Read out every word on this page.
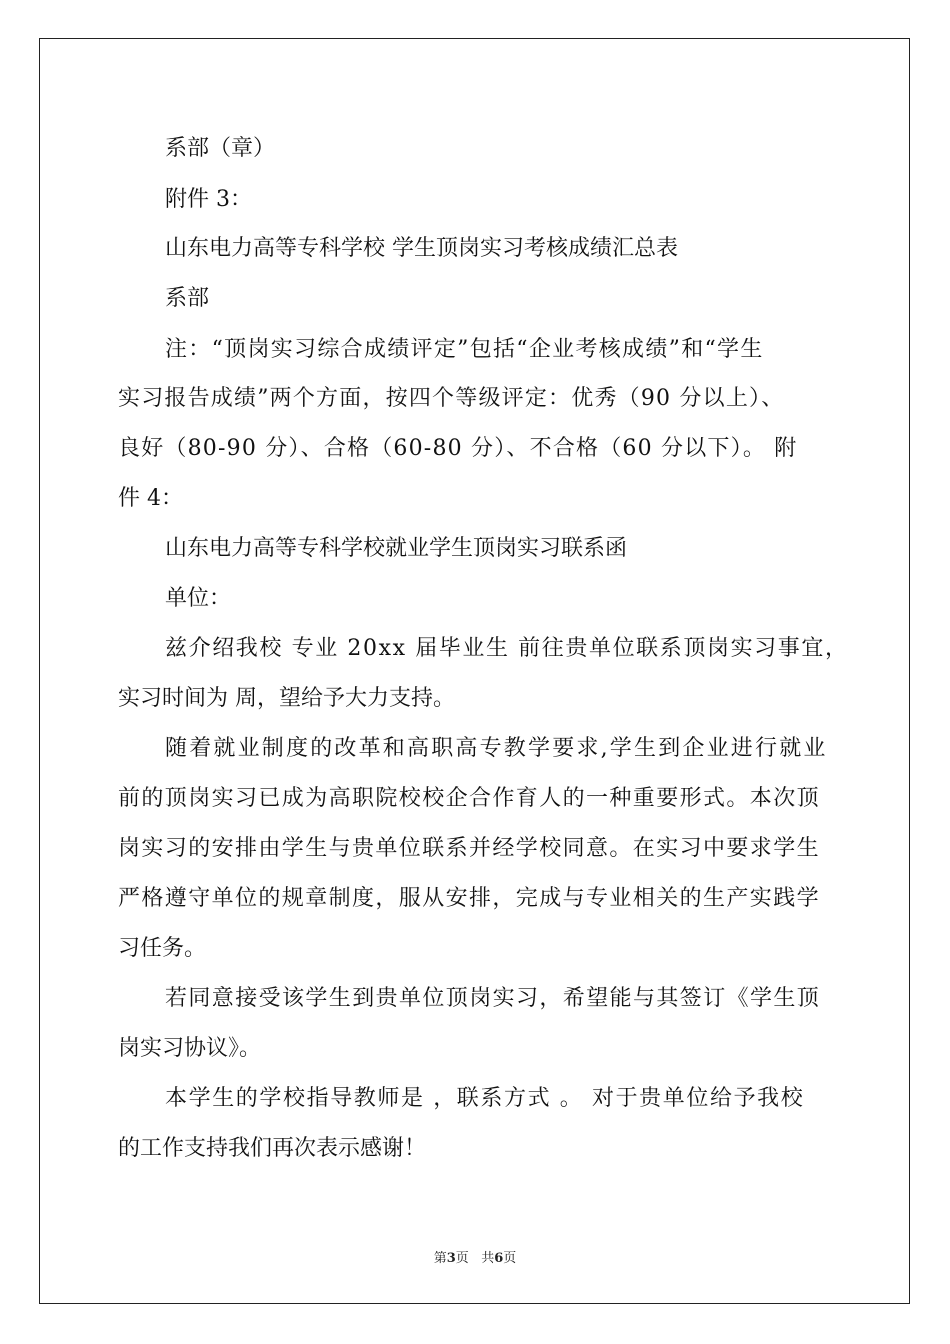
系部（章）
附件 3：
山东电力高等专科学校 学生顶岗实习考核成绩汇总表
系部
注：“顶岗实习综合成绩评定”包括“企业考核成绩”和“学生
实习报告成绩”两个方面，按四个等级评定：优秀（90 分以上）、
良好（80-90 分）、合格（60-80 分）、不合格（60 分以下）。 附
件 4：
山东电力高等专科学校就业学生顶岗实习联系函
单位：
兹介绍我校 专业 20xx 届毕业生 前往贵单位联系顶岗实习事宜，
实习时间为 周，望给予大力支持。
随着就业制度的改革和高职高专教学要求,学生到企业进行就业
前的顶岗实习已成为高职院校校企合作育人的一种重要形式。本次顶
岗实习的安排由学生与贵单位联系并经学校同意。在实习中要求学生
严格遵守单位的规章制度，服从安排，完成与专业相关的生产实践学
习任务。
若同意接受该学生到贵单位顶岗实习，希望能与其签订《学生顶
岗实习协议》。
本学生的学校指导教师是 ，联系方式 。 对于贵单位给予我校
的工作支持我们再次表示感谢！
第3页 共6页
